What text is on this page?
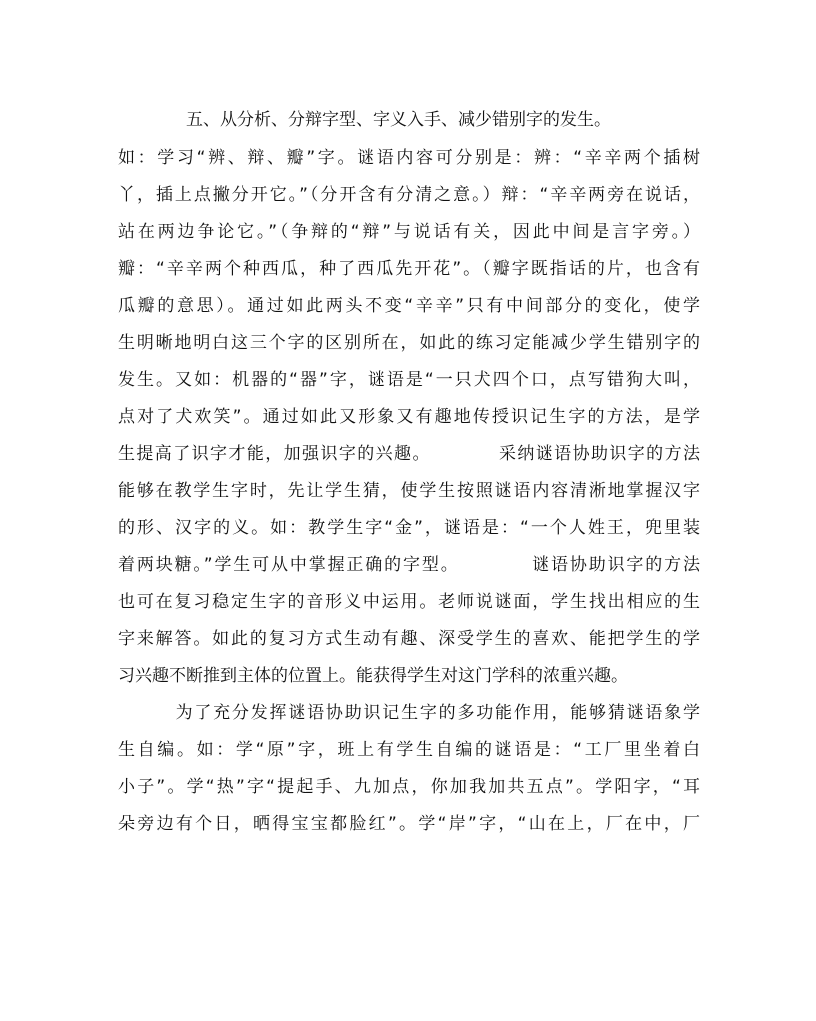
五、从分析、分辩字型、字义入手、减少错别字的发生。
如：学习“辨、辩、瓣”字。谜语内容可分别是：辨：“辛辛两个插树
丫，插上点撇分开它。”（分开含有分清之意。）辩：“辛辛两旁在说话，
站在两边争论它。”（争辩的“辩”与说话有关，因此中间是言字旁。）
瓣：“辛辛两个种西瓜，种了西瓜先开花”。（瓣字既指话的片，也含有
瓜瓣的意思）。通过如此两头不变“辛辛”只有中间部分的变化，使学
生明晰地明白这三个字的区别所在，如此的练习定能减少学生错别字的
发生。又如：机器的“器”字，谜语是“一只犬四个口，点写错狗大叫，
点对了犬欢笑”。通过如此又形象又有趣地传授识记生字的方法，是学
生提高了识字才能，加强识字的兴趣。          采纳谜语协助识字的方法
能够在教学生字时，先让学生猜，使学生按照谜语内容清淅地掌握汉字
的形、汉字的义。如：教学生字“金”，谜语是：“一个人姓王，兜里装
着两块糖。”学生可从中掌握正确的字型。          谜语协助识字的方法
也可在复习稳定生字的音形义中运用。老师说谜面，学生找出相应的生
字来解答。如此的复习方式生动有趣、深受学生的喜欢、能把学生的学
习兴趣不断推到主体的位置上。能获得学生对这门学科的浓重兴趣。
为了充分发挥谜语协助识记生字的多功能作用，能够猜谜语象学
生自编。如：学“原”字，班上有学生自编的谜语是：“工厂里坐着白
小子”。学“热”字“提起手、九加点，你加我加共五点”。学阳字，“耳
朵旁边有个日，晒得宝宝都脸红”。学“岸”字，“山在上，厂在中，厂
